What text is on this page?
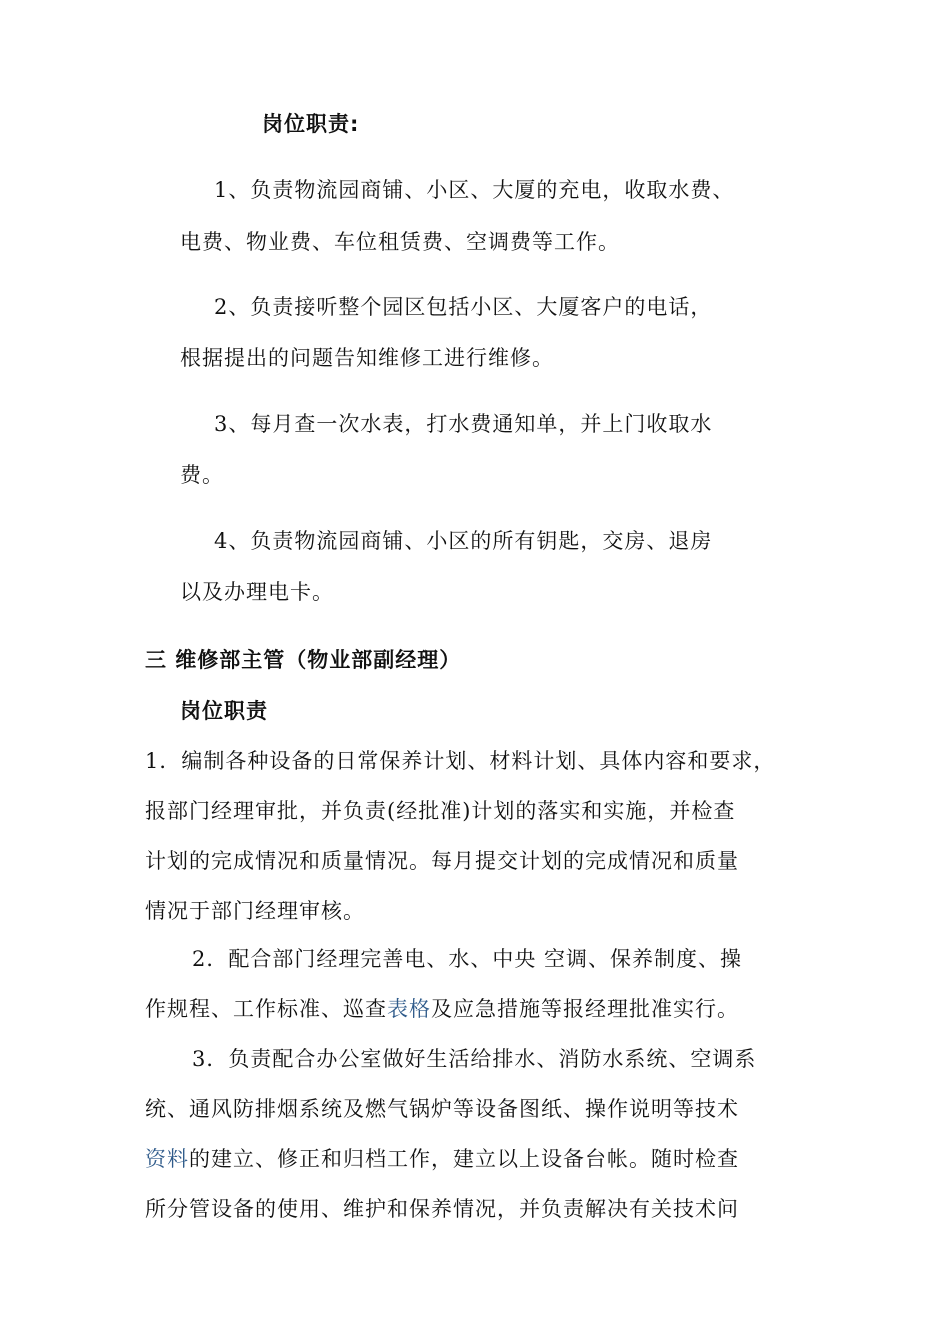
岗位职责:
1、负责物流园商铺、小区、大厦的充电，收取水费、
电费、物业费、车位租赁费、空调费等工作。
2、负责接听整个园区包括小区、大厦客户的电话，
根据提出的问题告知维修工进行维修。
3、每月查一次水表，打水费通知单，并上门收取水
费。
4、负责物流园商铺、小区的所有钥匙，交房、退房
以及办理电卡。
三 维修部主管（物业部副经理）
岗位职责
1．编制各种设备的日常保养计划、材料计划、具体内容和要求，
报部门经理审批，并负责(经批准)计划的落实和实施，并检查
计划的完成情况和质量情况。每月提交计划的完成情况和质量
情况于部门经理审核。
2．配合部门经理完善电、水、中央 空调、保养制度、操
作规程、工作标准、巡查表格及应急措施等报经理批准实行。
3．负责配合办公室做好生活给排水、消防水系统、空调系
统、通风防排烟系统及燃气锅炉等设备图纸、操作说明等技术
资料的建立、修正和归档工作，建立以上设备台帐。随时检查
所分管设备的使用、维护和保养情况，并负责解决有关技术问
